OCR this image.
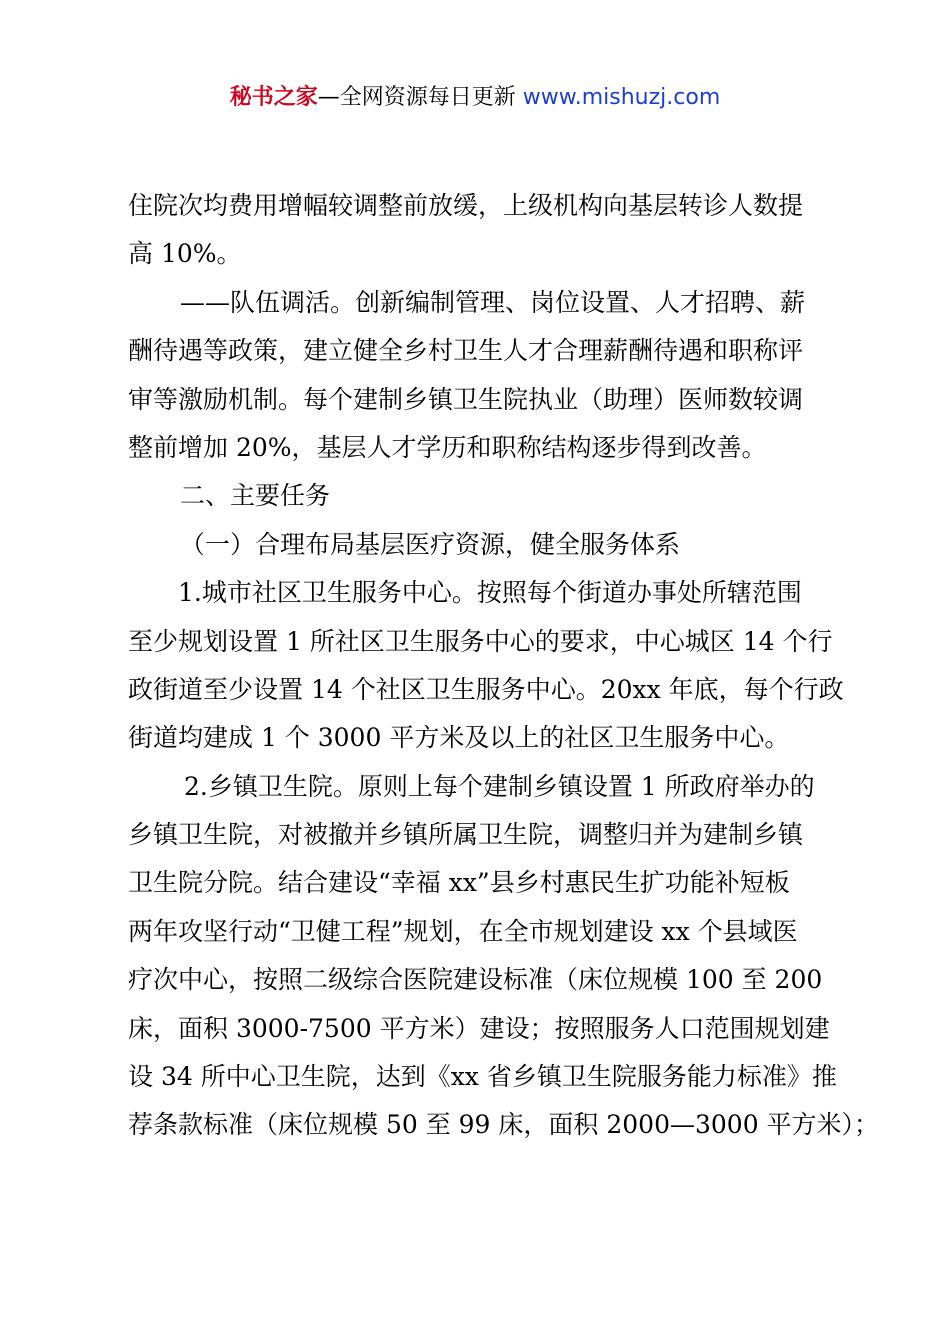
秘书之家—全网资源每日更新 www.mishuzj.com
住院次均费用增幅较调整前放缓，上级机构向基层转诊人数提
高 10%。
——队伍调活。创新编制管理、岗位设置、人才招聘、薪
酬待遇等政策，建立健全乡村卫生人才合理薪酬待遇和职称评
审等激励机制。每个建制乡镇卫生院执业（助理）医师数较调
整前增加 20%，基层人才学历和职称结构逐步得到改善。
二、主要任务
（一）合理布局基层医疗资源，健全服务体系
1.城市社区卫生服务中心。按照每个街道办事处所辖范围
至少规划设置 1 所社区卫生服务中心的要求，中心城区 14 个行
政街道至少设置 14 个社区卫生服务中心。20xx 年底，每个行政
街道均建成 1 个 3000 平方米及以上的社区卫生服务中心。
2.乡镇卫生院。原则上每个建制乡镇设置 1 所政府举办的
乡镇卫生院，对被撤并乡镇所属卫生院，调整归并为建制乡镇
卫生院分院。结合建设“幸福 xx”县乡村惠民生扩功能补短板
两年攻坚行动“卫健工程”规划，在全市规划建设 xx 个县域医
疗次中心，按照二级综合医院建设标准（床位规模 100 至 200
床，面积 3000-7500 平方米）建设；按照服务人口范围规划建
设 34 所中心卫生院，达到《xx 省乡镇卫生院服务能力标准》推
荐条款标准（床位规模 50 至 99 床，面积 2000—3000 平方米）；
